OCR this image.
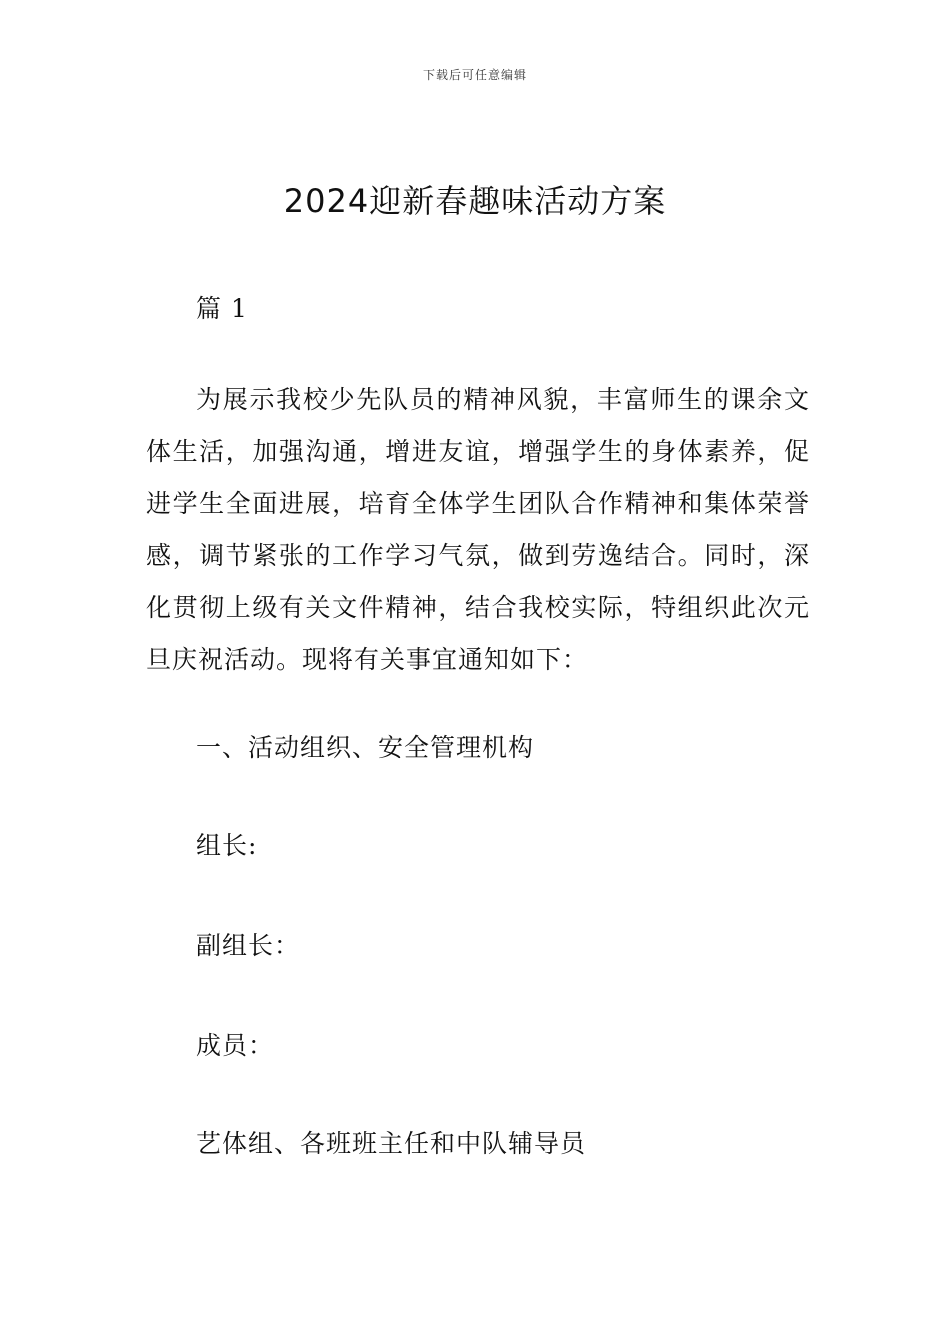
下载后可任意编辑
2024迎新春趣味活动方案

篇 1

为展示我校少先队员的精神风貌，丰富师生的课余文体生活，加强沟通，增进友谊，增强学生的身体素养，促进学生全面进展，培育全体学生团队合作精神和集体荣誉感，调节紧张的工作学习气氛，做到劳逸结合。同时，深化贯彻上级有关文件精神，结合我校实际，特组织此次元旦庆祝活动。现将有关事宜通知如下：

一、活动组织、安全管理机构

组长:

副组长：

成员：

艺体组、各班班主任和中队辅导员
